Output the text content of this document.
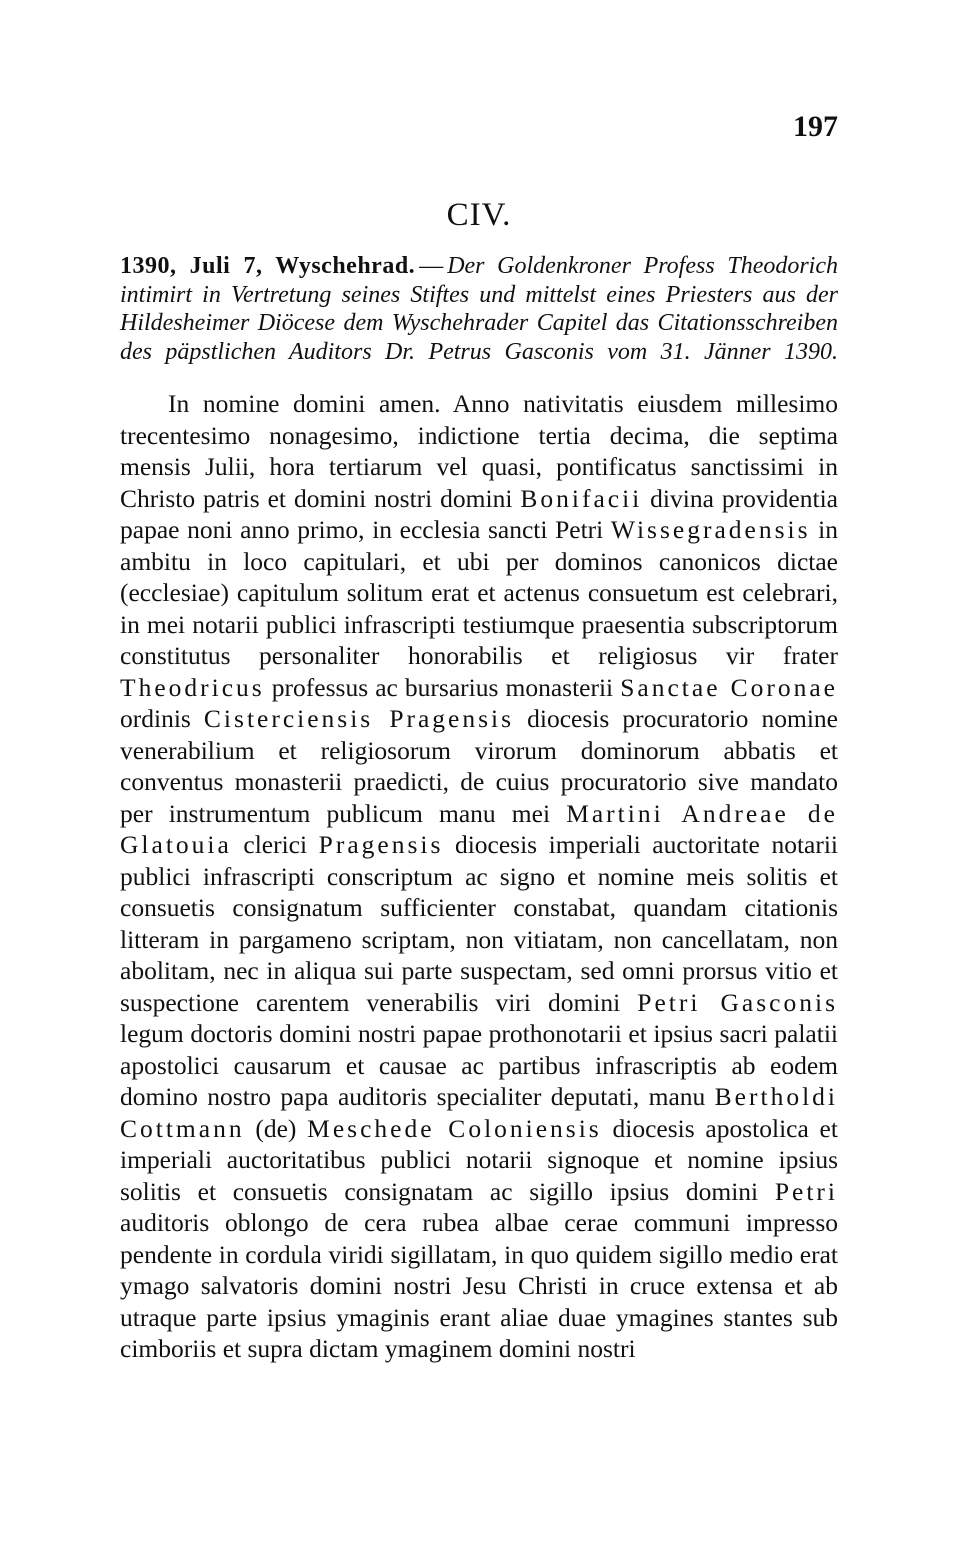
197
CIV.

1390, Juli 7, Wyschehrad. — Der Goldenkroner Profess Theodorich intimirt in Vertretung seines Stiftes und mittelst eines Priesters aus der Hildesheimer Diöcese dem Wyschehrader Capitel das Citationsschreiben des päpstlichen Auditors Dr. Petrus Gasconis vom 31. Jänner 1390.

In nomine domini amen. Anno nativitatis eiusdem millesimo trecentesimo nonagesimo, indictione tertia decima, die septima mensis Julii, hora tertiarum vel quasi, pontificatus sanctissimi in Christo patris et domini nostri domini Bonifacii divina providentia papae noni anno primo, in ecclesia sancti Petri Wissegradensis in ambitu in loco capitulari, et ubi per dominos canonicos dictae (ecclesiae) capitulum solitum erat et actenus consuetum est celebrari, in mei notarii publici infrascripti testiumque praesentia subscriptorum constitutus personaliter honorabilis et religiosus vir frater Theodricus professus ac bursarius monasterii Sanctae Coronae ordinis Cisterciensis Pragensis diocesis procuratorio nomine venerabilium et religiosorum virorum dominorum abbatis et conventus monasterii praedicti, de cuius procuratorio sive mandato per instrumentum publicum manu mei Martini Andreae de Glatouia clerici Pragensis diocesis imperiali auctoritate notarii publici infrascripti conscriptum ac signo et nomine meis solitis et consuetis consignatum sufficienter constabat, quandam citationis litteram in pargameno scriptam, non vitiatam, non cancellatam, non abolitam, nec in aliqua sui parte suspectam, sed omni prorsus vitio et suspectione carentem venerabilis viri domini Petri Gasconis legum doctoris domini nostri papae prothonotarii et ipsius sacri palatii apostolici causarum et causae ac partibus infrascriptis ab eodem domino nostro papa auditoris specialiter deputati, manu Bertholdi Cottmann (de) Meschede Coloniensis diocesis apostolica et imperiali auctoritatibus publici notarii signoque et nomine ipsius solitis et consuetis consignatam ac sigillo ipsius domini Petri auditoris oblongo de cera rubea albae cerae communi impresso pendente in cordula viridi sigillatam, in quo quidem sigillo medio erat ymago salvatoris domini nostri Jesu Christi in cruce extensa et ab utraque parte ipsius ymaginis erant aliae duae ymagines stantes sub cimboriis et supra dictam ymaginem domini nostri
